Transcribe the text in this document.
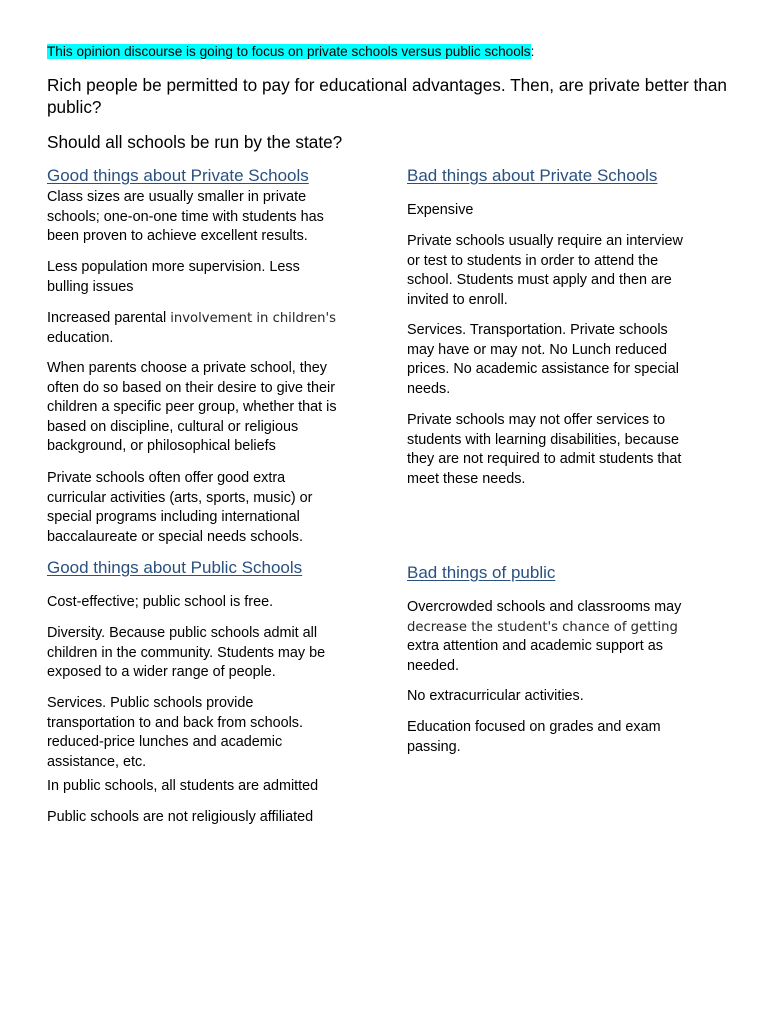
This opinion discourse is going to focus on private schools versus public schools:
Rich people be permitted to pay for educational advantages. Then, are private better than public?
Should all schools be run by the state?
Good things about Private Schools

Class sizes are usually smaller in private
schools; one-on-one time with students has
been proven to achieve excellent results.

Less population more supervision. Less
bulling issues

Increased parental involvement in children's
education.

When parents choose a private school, they
often do so based on their desire to give their
children a specific peer group, whether that is
based on discipline, cultural or religious
background, or philosophical beliefs

Private schools often offer good extra
curricular activities (arts, sports, music) or
special programs including international
baccalaureate or special needs schools.

Bad things about Private Schools

Expensive

Private schools usually require an interview
or test to students in order to attend the
school. Students must apply and then are
invited to enroll.

Services. Transportation. Private schools
may have or may not. No Lunch reduced
prices. No academic assistance for special
needs.

Private schools may not offer services to
students with learning disabilities, because
they are not required to admit students that
meet these needs.

Good things about Public Schools

Cost-effective; public school is free.

Diversity. Because public schools admit all
children in the community. Students may be
exposed to a wider range of people.

Services. Public schools provide
transportation to and back from schools.
reduced-price lunches and academic
assistance, etc.

In public schools, all students are admitted

Public schools are not religiously affiliated

Bad things of public

Overcrowded schools and classrooms may
decrease the student's chance of getting
extra attention and academic support as
needed.

No extracurricular activities.

Education focused on grades and exam
passing.
